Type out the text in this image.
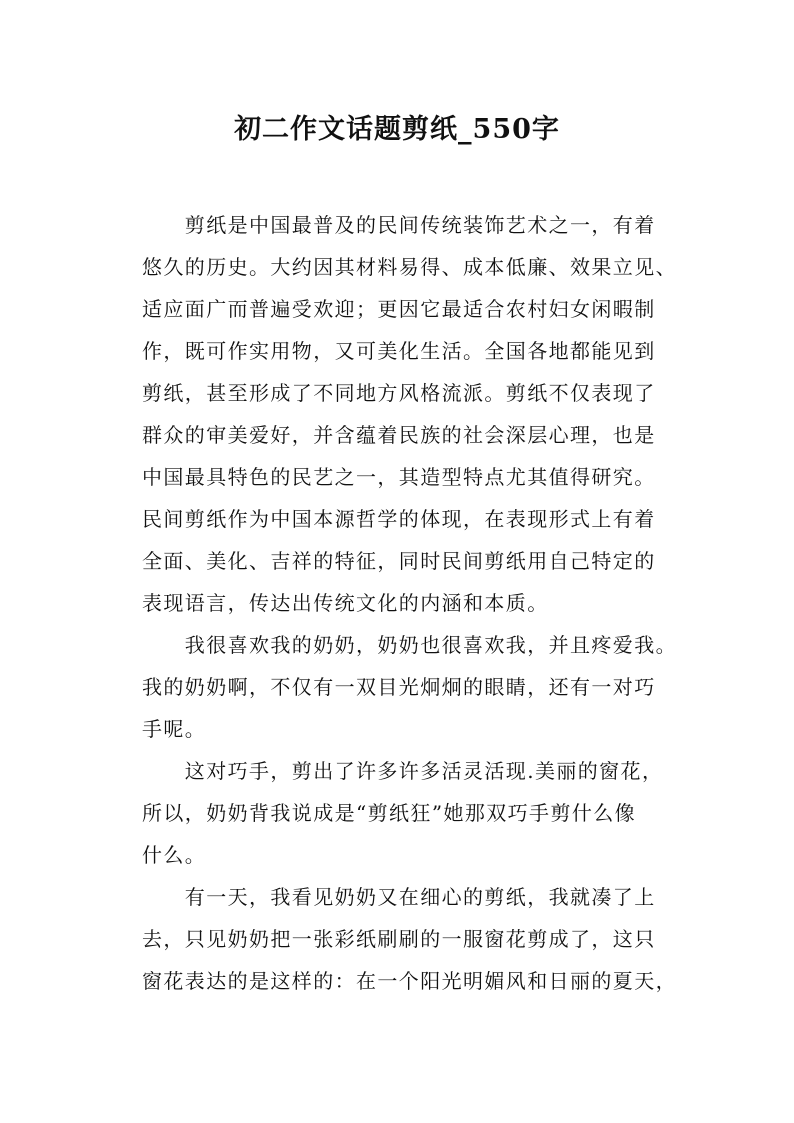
初二作文话题剪纸_550字
　　剪纸是中国最普及的民间传统装饰艺术之一，有着
悠久的历史。大约因其材料易得、成本低廉、效果立见、
适应面广而普遍受欢迎；更因它最适合农村妇女闲暇制
作，既可作实用物，又可美化生活。全国各地都能见到
剪纸，甚至形成了不同地方风格流派。剪纸不仅表现了
群众的审美爱好，并含蕴着民族的社会深层心理，也是
中国最具特色的民艺之一，其造型特点尤其值得研究。
民间剪纸作为中国本源哲学的体现，在表现形式上有着
全面、美化、吉祥的特征，同时民间剪纸用自己特定的
表现语言，传达出传统文化的内涵和本质。
　　我很喜欢我的奶奶，奶奶也很喜欢我，并且疼爱我。
我的奶奶啊，不仅有一双目光炯炯的眼睛，还有一对巧
手呢。
　　这对巧手，剪出了许多许多活灵活现.美丽的窗花，
所以，奶奶背我说成是“剪纸狂”她那双巧手剪什么像
什么。
　　有一天，我看见奶奶又在细心的剪纸，我就凑了上
去，只见奶奶把一张彩纸刷刷的一服窗花剪成了，这只
窗花表达的是这样的：在一个阳光明媚风和日丽的夏天，
